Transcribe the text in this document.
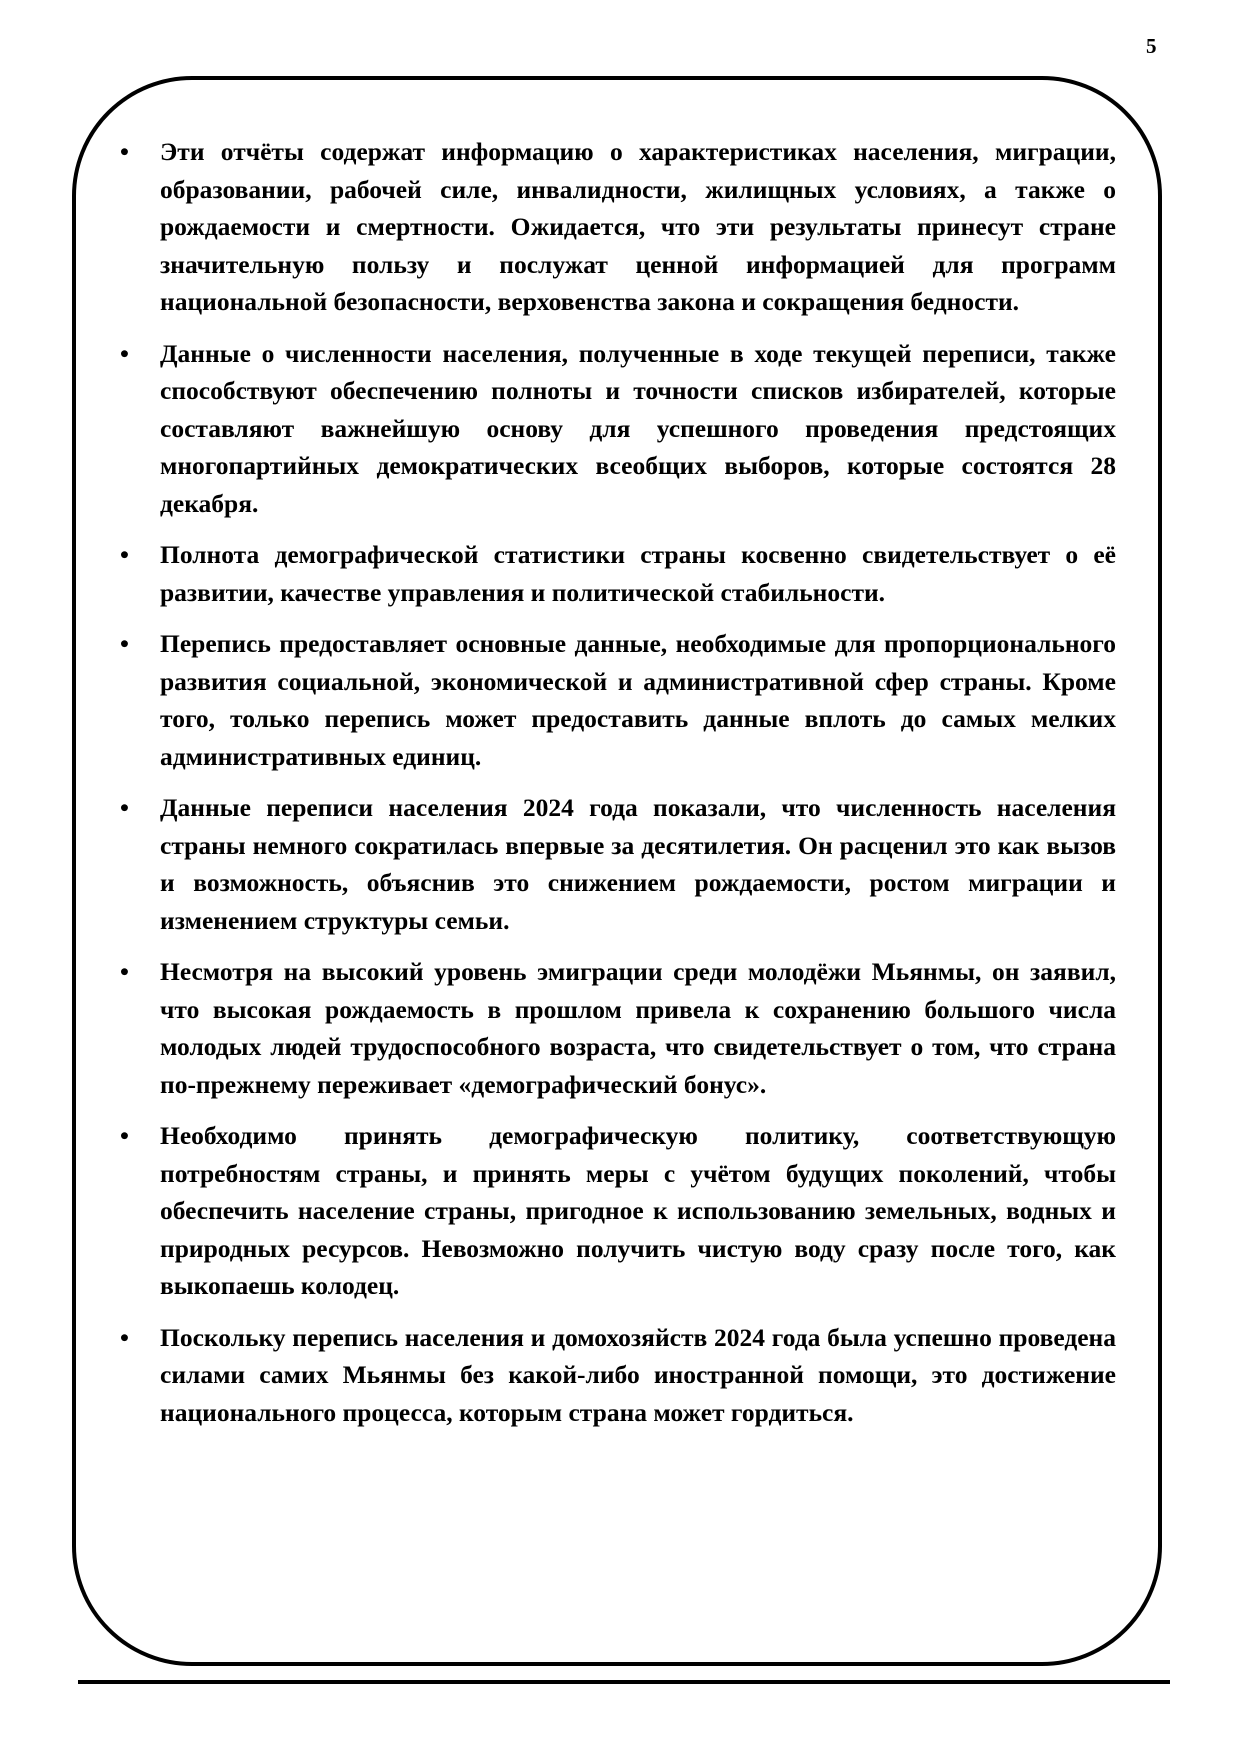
5
•	Эти отчёты содержат информацию о характеристиках населения, миграции, образовании, рабочей силе, инвалидности, жилищных условиях, а также о рождаемости и смертности. Ожидается, что эти результаты принесут стране значительную пользу и послужат ценной информацией для программ национальной безопасности, верховенства закона и сокращения бедности.
•	Данные о численности населения, полученные в ходе текущей переписи, также способствуют обеспечению полноты и точности списков избирателей, которые составляют важнейшую основу для успешного проведения предстоящих многопартийных демократических всеобщих выборов, которые состоятся 28 декабря.
•	Полнота демографической статистики страны косвенно свидетельствует о её развитии, качестве управления и политической стабильности.
•	Перепись предоставляет основные данные, необходимые для пропорционального развития социальной, экономической и административной сфер страны. Кроме того, только перепись может предоставить данные вплоть до самых мелких административных единиц.
•	Данные переписи населения 2024 года показали, что численность населения страны немного сократилась впервые за десятилетия. Он расценил это как вызов и возможность, объяснив это снижением рождаемости, ростом миграции и изменением структуры семьи.
•	Несмотря на высокий уровень эмиграции среди молодёжи Мьянмы, он заявил, что высокая рождаемость в прошлом привела к сохранению большого числа молодых людей трудоспособного возраста, что свидетельствует о том, что страна по-прежнему переживает «демографический бонус».
•	Необходимо принять демографическую политику, соответствующую потребностям страны, и принять меры с учётом будущих поколений, чтобы обеспечить население страны, пригодное к использованию земельных, водных и природных ресурсов. Невозможно получить чистую воду сразу после того, как выкопаешь колодец.
•	Поскольку перепись населения и домохозяйств 2024 года была успешно проведена силами самих Мьянмы без какой-либо иностранной помощи, это достижение национального процесса, которым страна может гордиться.
